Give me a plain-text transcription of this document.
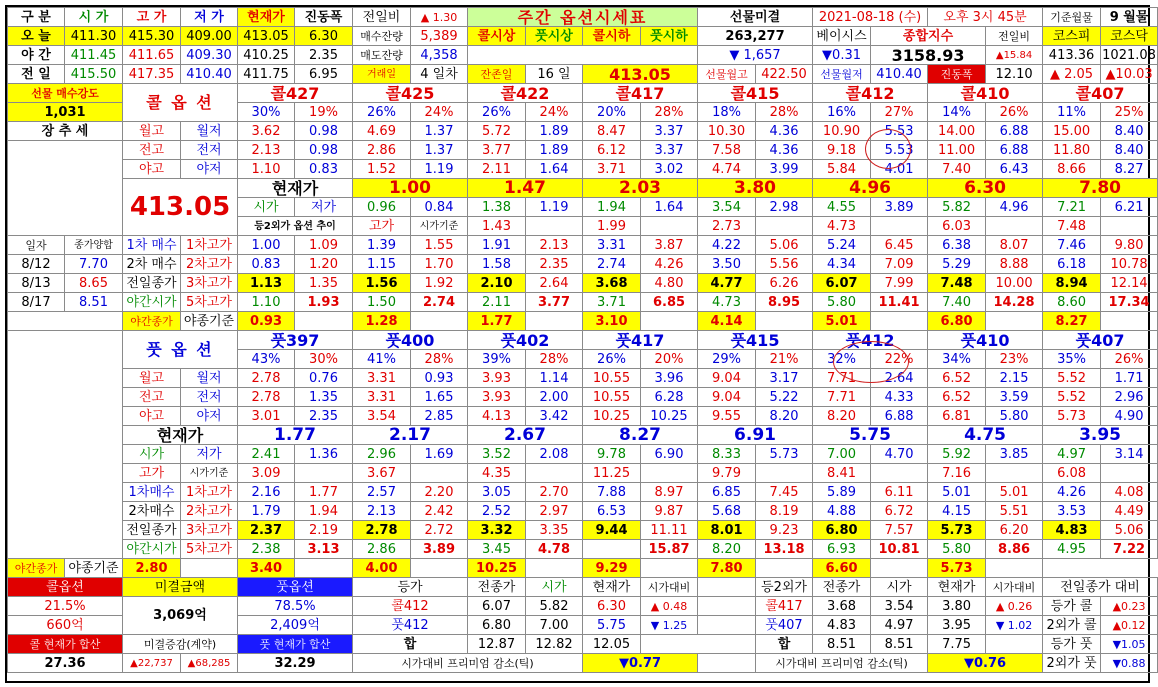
구 분	시 가	고 가	저 가	현재가	진동폭	전일비	▲ 1.30	주간 옵션시세표				선물미결		2021-08-18 (수)		오후 3시 45분		기준월물	9 월물	
오 늘	411.30	415.30	409.00	413.05	6.30	매수잔량	5,389	콜시상	풋시상	콜시하	풋시하	263,277		베이시스	종합지수		전일비	코스피	코스닥	
야 간	411.45	411.65	409.30	410.25	2.35	매도잔량	4,358					▼ 1,657		▼0.31	3158.93		▲15.84	413.36	1021.08	
전 일	415.50	417.35	410.40	411.75	6.95	거래일	4 일차	잔존일	16 일	413.05		선물월고	422.50	선물월저	410.40	진동폭	12.10	▲ 2.05	▲10.03	
선물 매수강도		콜 옵 션		콜427		콜425		콜422		콜417		콜415		콜412		콜410		콜407		
1,031				30%	19%	26%	24%	26%	24%	20%	28%	18%	28%	16%	27%	14%	26%	11%	25%	
장 추 세		월고	월저	3.62	0.98	4.69	1.37	5.72	1.89	8.47	3.37	10.30	4.36	10.90	5.53	14.00	6.88	15.00	8.40	
		전고	전저	2.13	0.98	2.86	1.37	3.77	1.89	6.12	3.37	7.58	4.36	9.18	5.53	11.00	6.88	11.80	8.40	
		야고	야저	1.10	0.83	1.52	1.19	2.11	1.64	3.71	3.02	4.74	3.99	5.84	4.01	7.40	6.43	8.66	8.27	
		413.05		현재가		1.00		1.47		2.03		3.80		4.96		6.30		7.80	
				시가	저가	0.96	0.84	1.38	1.19	1.94	1.64	3.54	2.98	4.55	3.89	5.82	4.96	7.21	6.21		
				등2외가 옵션 추이		고가	시가기준	1.43		1.99		2.73		4.73		6.03		7.48					
일자	종가양합	1차 매수	1차고가	1.00	1.09	1.39	1.55	1.91	2.13	3.31	3.87	4.22	5.06	5.24	6.45	6.38	8.07	7.46	9.80	
8/12	7.70	2차 매수	2차고가	0.83	1.20	1.15	1.70	1.58	2.35	2.74	4.26	3.50	5.56	4.34	7.09	5.29	8.88	6.18	10.78	
8/13	8.65	전일종가	3차고가	1.13	1.35	1.56	1.92	2.10	2.64	3.68	4.80	4.77	6.26	6.07	7.99	7.48	10.00	8.94	12.14	
8/17	8.51	야간시가	5차고가	1.10	1.93	1.50	2.74	2.11	3.77	3.71	6.85	4.73	8.95	5.80	11.41	7.40	14.28	8.60	17.34	
		야간종가	야종기준	0.93		1.28		1.77		3.10		4.14		5.01		6.80		8.27		
		풋 옵 션		풋397		풋400		풋402		풋417		풋415		풋412		풋410		풋407		
				43%	30%	41%	28%	39%	28%	26%	20%	29%	21%	32%	22%	34%	23%	35%	26%	
		월고	월저	2.78	0.76	3.31	0.93	3.93	1.14	10.55	3.96	9.04	3.17	7.71	2.64	6.52	2.15	5.52	1.71	
		전고	전저	2.78	1.35	3.31	1.65	3.93	2.00	10.55	6.28	9.04	5.22	7.71	4.33	6.52	3.59	5.52	2.96	
		야고	야저	3.01	2.35	3.54	2.85	4.13	3.42	10.25	10.25	9.55	8.20	8.20	6.88	6.81	5.80	5.73	4.90	
		현재가		1.77		2.17		2.67		8.27		6.91		5.75		4.75		3.95		
		시가	저가	2.41	1.36	2.96	1.69	3.52	2.08	9.78	6.90	8.33	5.73	7.00	4.70	5.92	3.85	4.97	3.14	
		고가	시가기준	3.09		3.67		4.35		11.25		9.79		8.41		7.16		6.08		
		1차매수	1차고가	2.16	1.77	2.57	2.20	3.05	2.70	7.88	8.97	6.85	7.45	5.89	6.11	5.01	5.01	4.26	4.08	
		2차매수	2차고가	1.79	1.94	2.13	2.42	2.52	2.97	6.53	9.87	5.68	8.19	4.88	6.72	4.15	5.51	3.53	4.49	
		전일종가	3차고가	2.37	2.19	2.78	2.72	3.32	3.35	9.44	11.11	8.01	9.23	6.80	7.57	5.73	6.20	4.83	5.06	
		야간시가	5차고가	2.38	3.13	2.86	3.89	3.45	4.78		15.87	8.20	13.18	6.93	10.81	5.80	8.86	4.95	7.22	
야간종가	야종기준	2.80		3.40		4.00		10.25		9.29		7.80		6.60		5.73				
콜옵션		미결금액		풋옵션		등가		전종가	시가	현재가	시가대비		등2외가	전종가	시가	현재가	시가대비	전일종가 대비		
21.5%		3,069억		78.5%		콜412		6.07	5.82	6.30	▲ 0.48		콜417	3.68	3.54	3.80	▲ 0.26	등가 콜	▲0.23	
660억				2,409억		풋412		6.80	7.00	5.75	▼ 1.25		풋407	4.83	4.97	3.95	▼ 1.02	2외가 콜	▲0.12	
콜 현재가 합산		미결증감(계약)		풋 현재가 합산		합		12.87	12.82	12.05			합	8.51	8.51	7.75		등가 풋	▼1.05	
27.36		▲22,737	▲68,285	32.29		시가대비 프리미엄 감소(틱)				▼0.77			시가대비 프리미엄 감소(틱)			▼0.76		2외가 풋	▼0.88	
